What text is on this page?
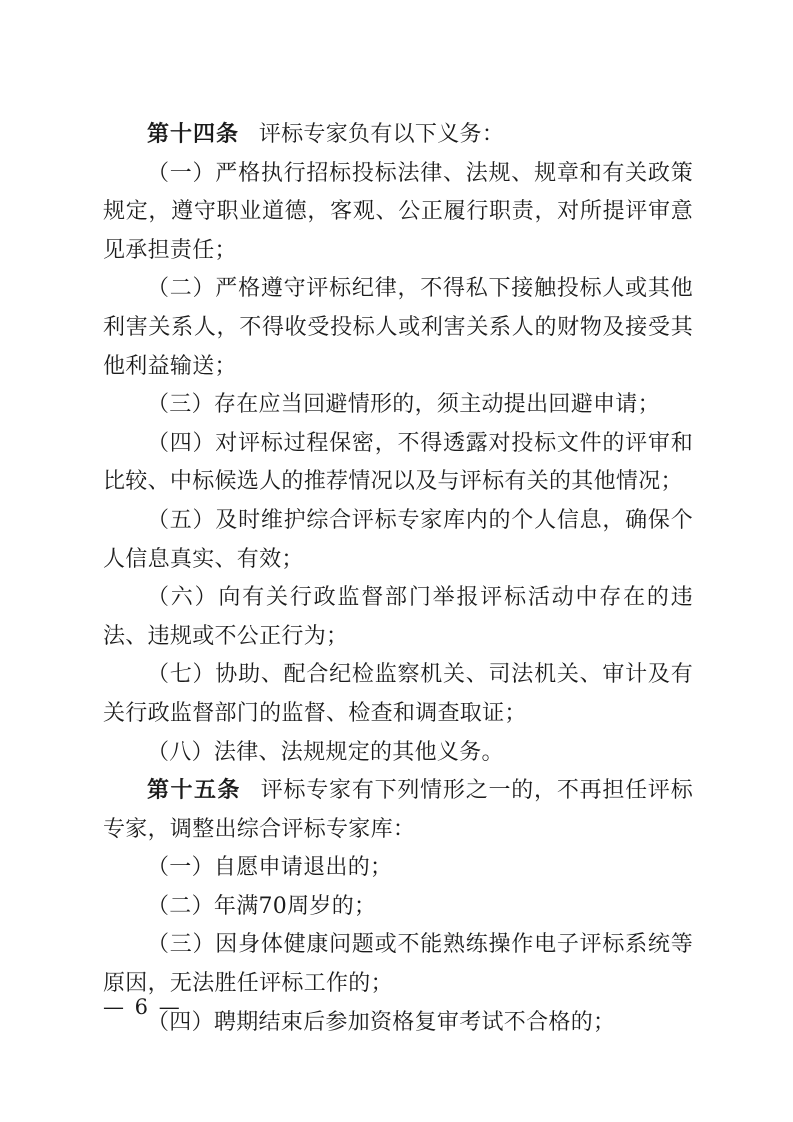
第十四条 评标专家负有以下义务：

（一）严格执行招标投标法律、法规、规章和有关政策规定，遵守职业道德，客观、公正履行职责，对所提评审意见承担责任；

（二）严格遵守评标纪律，不得私下接触投标人或其他利害关系人，不得收受投标人或利害关系人的财物及接受其他利益输送；

（三）存在应当回避情形的，须主动提出回避申请；

（四）对评标过程保密，不得透露对投标文件的评审和比较、中标候选人的推荐情况以及与评标有关的其他情况；

（五）及时维护综合评标专家库内的个人信息，确保个人信息真实、有效；

（六）向有关行政监督部门举报评标活动中存在的违法、违规或不公正行为；

（七）协助、配合纪检监察机关、司法机关、审计及有关行政监督部门的监督、检查和调查取证；

（八）法律、法规规定的其他义务。

第十五条 评标专家有下列情形之一的，不再担任评标专家，调整出综合评标专家库：

（一）自愿申请退出的；

（二）年满70周岁的；

（三）因身体健康问题或不能熟练操作电子评标系统等原因，无法胜任评标工作的；

（四）聘期结束后参加资格复审考试不合格的；

— 6 —
